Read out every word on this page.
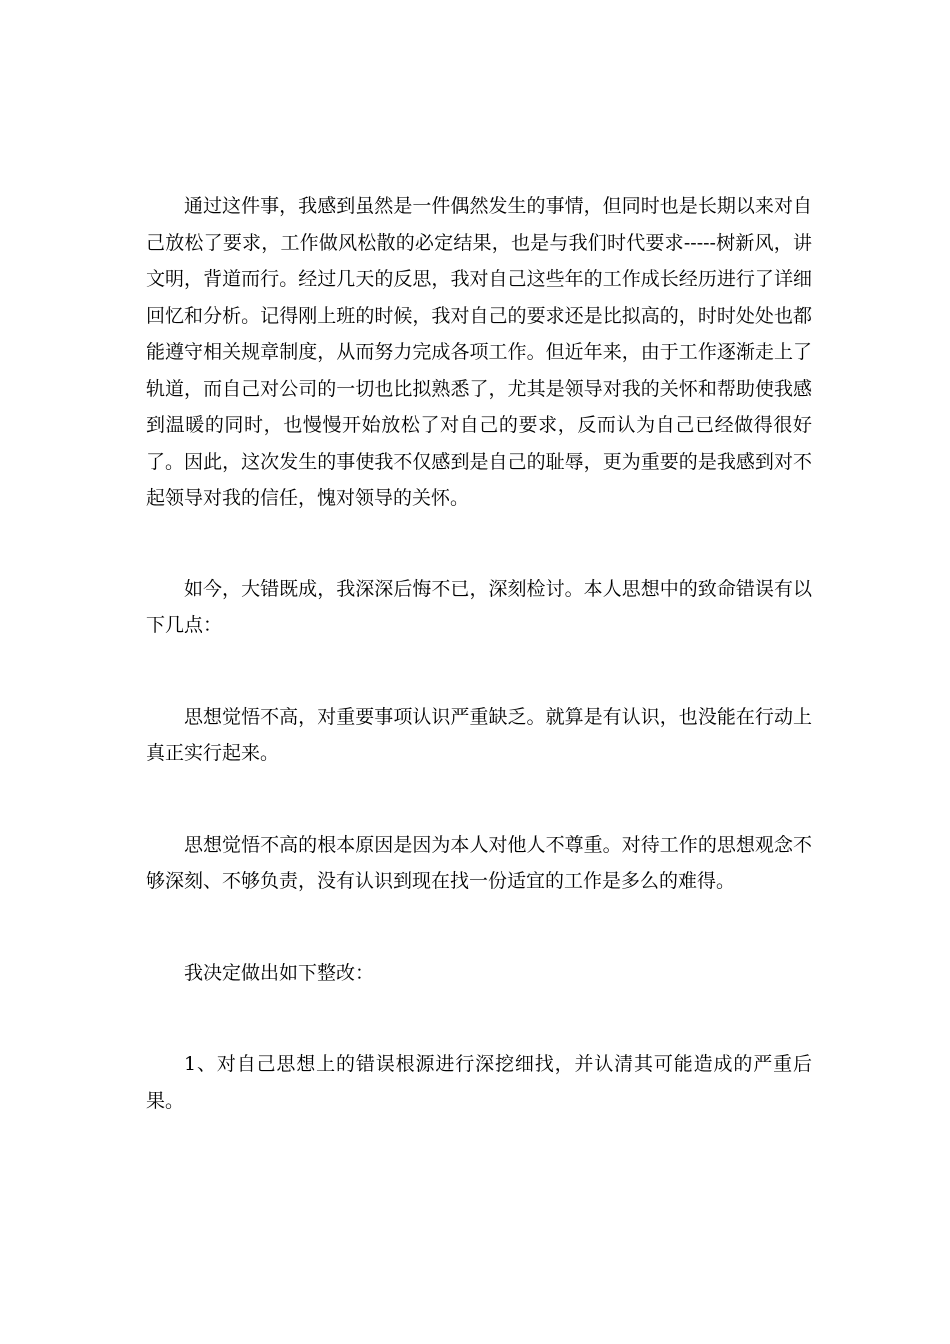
通过这件事，我感到虽然是一件偶然发生的事情，但同时也是长期以来对自己放松了要求，工作做风松散的必定结果，也是与我们时代要求-----树新风，讲文明，背道而行。经过几天的反思，我对自己这些年的工作成长经历进行了详细回忆和分析。记得刚上班的时候，我对自己的要求还是比拟高的，时时处处也都能遵守相关规章制度，从而努力完成各项工作。但近年来，由于工作逐渐走上了轨道，而自己对公司的一切也比拟熟悉了，尤其是领导对我的关怀和帮助使我感到温暖的同时，也慢慢开始放松了对自己的要求，反而认为自己已经做得很好了。因此，这次发生的事使我不仅感到是自己的耻辱，更为重要的是我感到对不起领导对我的信任，愧对领导的关怀。

如今，大错既成，我深深后悔不已，深刻检讨。本人思想中的致命错误有以下几点：

思想觉悟不高，对重要事项认识严重缺乏。就算是有认识，也没能在行动上真正实行起来。

思想觉悟不高的根本原因是因为本人对他人不尊重。对待工作的思想观念不够深刻、不够负责，没有认识到现在找一份适宜的工作是多么的难得。

我决定做出如下整改：

1、对自己思想上的错误根源进行深挖细找，并认清其可能造成的严重后果。
